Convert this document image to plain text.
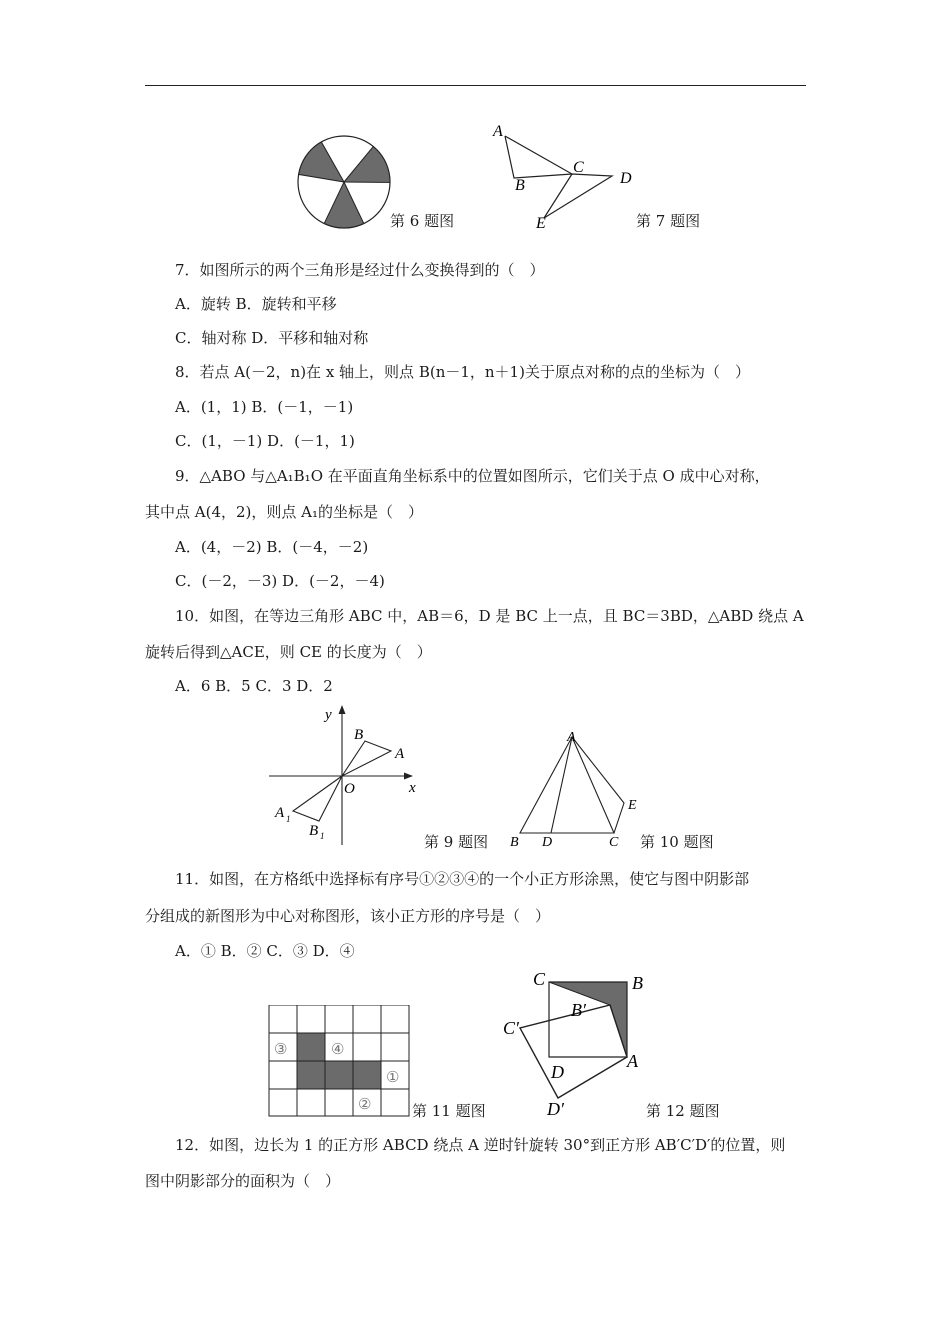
第 6 题图
A
B
C
D
E	第 7 题图
7．如图所示的两个三角形是经过什么变换得到的（　）
A．旋转 B．旋转和平移
C．轴对称 D．平移和轴对称
8．若点 A(－2，n)在 x 轴上，则点 B(n－1，n＋1)关于原点对称的点的坐标为（　）
A．(1，1) B．(－1，－1)
C．(1，－1) D．(－1，1)
9．△ABO 与△A₁B₁O 在平面直角坐标系中的位置如图所示，它们关于点 O 成中心对称，
其中点 A(4，2)，则点 A₁的坐标是（　）
A．(4，－2) B．(－4，－2)
C．(－2，－3) D．(－2，－4)
10．如图，在等边三角形 ABC 中，AB＝6，D 是 BC 上一点，且 BC＝3BD，△ABD 绕点 A
旋转后得到△ACE，则 CE 的长度为（　）
A．6 B．5 C．3 D．2
y
x
O
B
A
A 1
B 1	第 9 题图
A
B	C
D
E
第 10 题图
11．如图，在方格纸中选择标有序号①②③④的一个小正方形涂黑，使它与图中阴影部
分组成的新图形为中心对称图形，该小正方形的序号是（　）
A．① B．② C．③ D．④
③	④
①
②	第 11 题图
C	B
B′
C′
A
D
D′	第 12 题图
12．如图，边长为 1 的正方形 ABCD 绕点 A 逆时针旋转 30°到正方形 AB′C′D′的位置，则
图中阴影部分的面积为（　）
